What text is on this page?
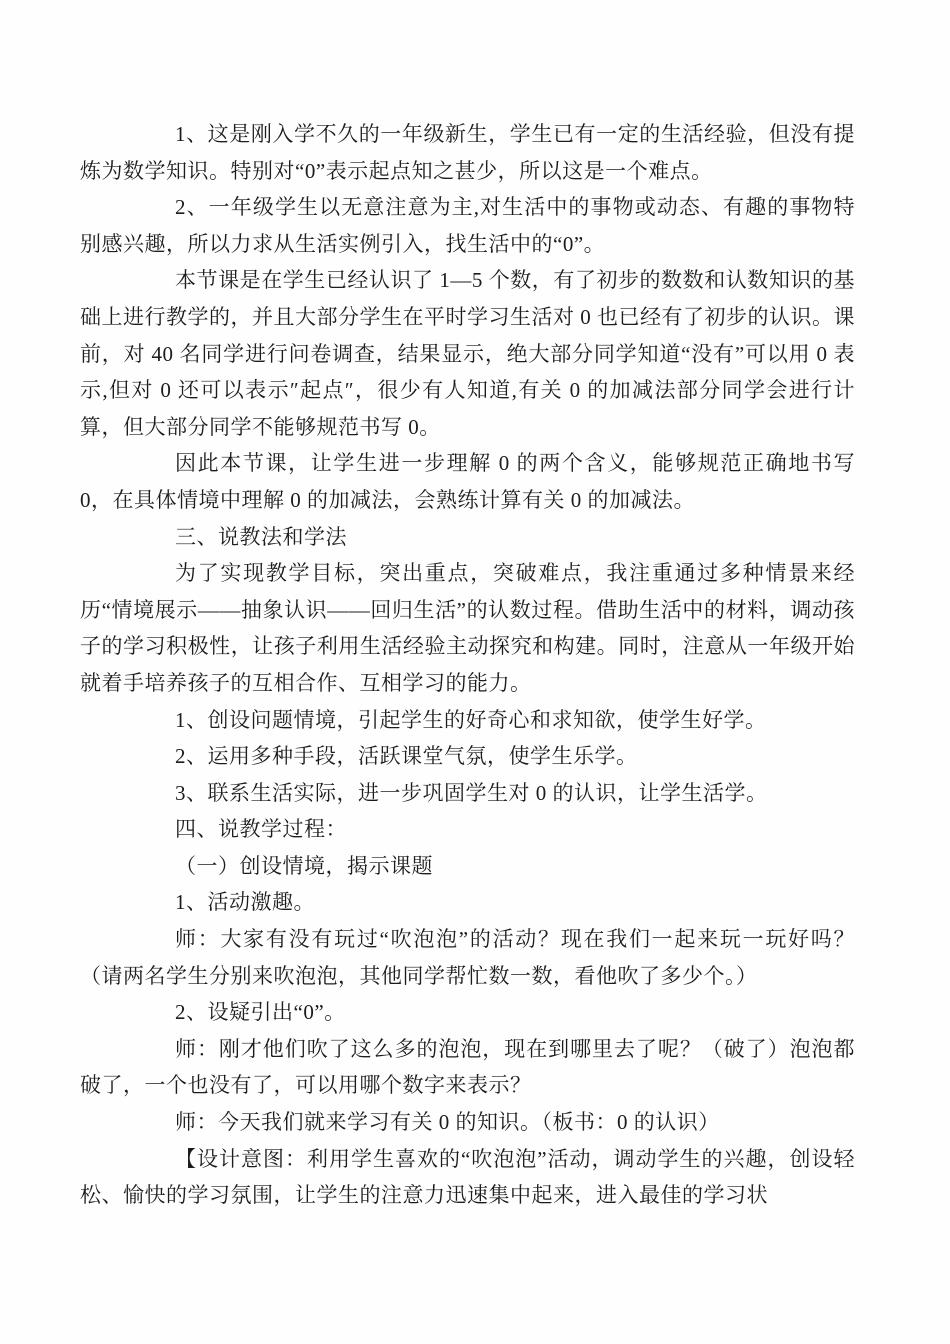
1、这是刚入学不久的一年级新生，学生已有一定的生活经验，但没有提炼为数学知识。特别对“0”表示起点知之甚少，所以这是一个难点。

2、一年级学生以无意注意为主,对生活中的事物或动态、有趣的事物特别感兴趣，所以力求从生活实例引入，找生活中的“0”。

本节课是在学生已经认识了 1—5 个数，有了初步的数数和认数知识的基础上进行教学的，并且大部分学生在平时学习生活对 0 也已经有了初步的认识。课前，对 40 名同学进行问卷调查，结果显示，绝大部分同学知道“没有”可以用 0 表示,但对 0 还可以表示″起点″，很少有人知道,有关 0 的加减法部分同学会进行计算，但大部分同学不能够规范书写 0。

因此本节课，让学生进一步理解 0 的两个含义，能够规范正确地书写 0，在具体情境中理解 0 的加减法，会熟练计算有关 0 的加减法。

三、说教法和学法

为了实现教学目标，突出重点，突破难点，我注重通过多种情景来经历“情境展示——抽象认识——回归生活”的认数过程。借助生活中的材料，调动孩子的学习积极性，让孩子利用生活经验主动探究和构建。同时，注意从一年级开始就着手培养孩子的互相合作、互相学习的能力。

1、创设问题情境，引起学生的好奇心和求知欲，使学生好学。

2、运用多种手段，活跃课堂气氛，使学生乐学。

3、联系生活实际，进一步巩固学生对 0 的认识，让学生活学。

四、说教学过程：

（一）创设情境，揭示课题

1、活动激趣。

师：大家有没有玩过“吹泡泡”的活动？现在我们一起来玩一玩好吗？（请两名学生分别来吹泡泡，其他同学帮忙数一数，看他吹了多少个。）

2、设疑引出“0”。

师：刚才他们吹了这么多的泡泡，现在到哪里去了呢？（破了）泡泡都破了，一个也没有了，可以用哪个数字来表示？

师：今天我们就来学习有关 0 的知识。（板书：0 的认识）

【设计意图：利用学生喜欢的“吹泡泡”活动，调动学生的兴趣，创设轻松、愉快的学习氛围，让学生的注意力迅速集中起来，进入最佳的学习状
